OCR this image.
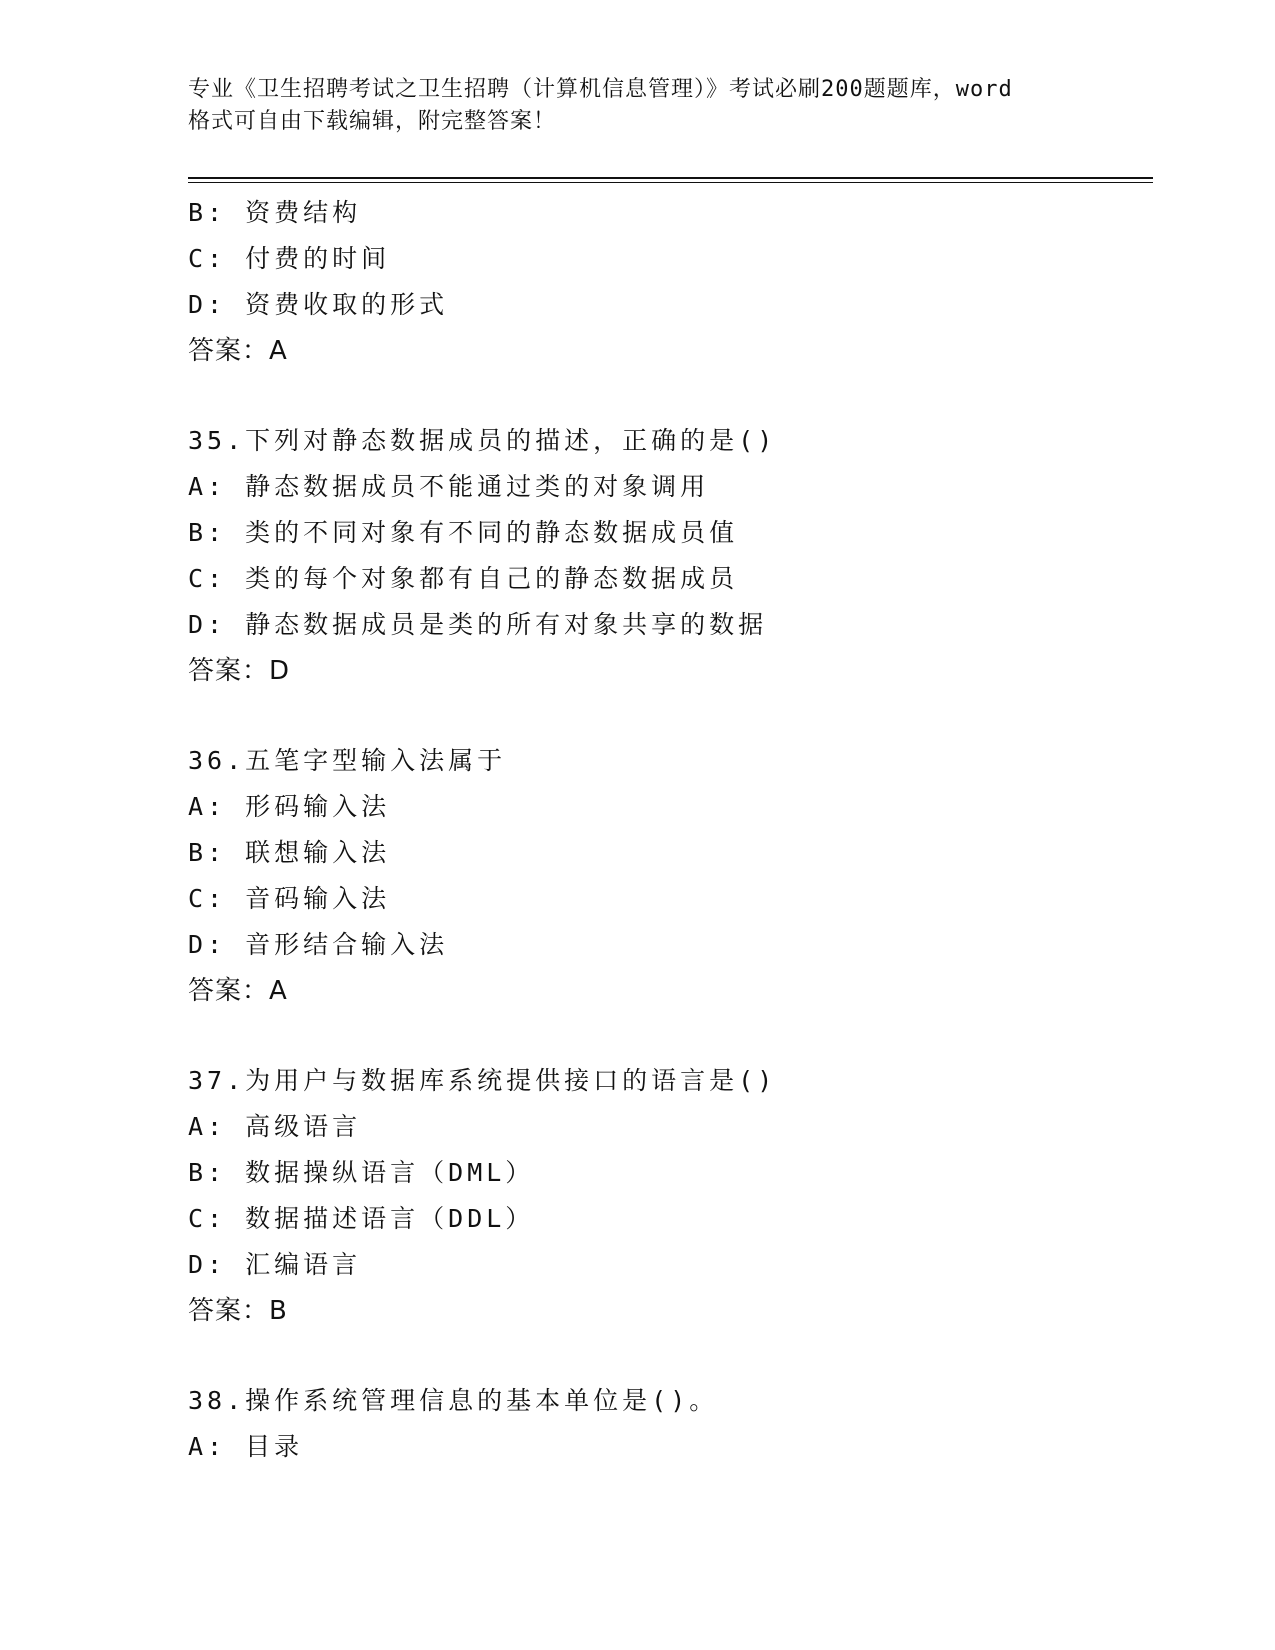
专业《卫生招聘考试之卫生招聘（计算机信息管理）》考试必刷200题题库，word
格式可自由下载编辑，附完整答案！
B: 资费结构
C: 付费的时间
D: 资费收取的形式
答案：A
35.下列对静态数据成员的描述，正确的是()
A: 静态数据成员不能通过类的对象调用
B: 类的不同对象有不同的静态数据成员值
C: 类的每个对象都有自己的静态数据成员
D: 静态数据成员是类的所有对象共享的数据
答案：D
36.五笔字型输入法属于
A: 形码输入法
B: 联想输入法
C: 音码输入法
D: 音形结合输入法
答案：A
37.为用户与数据库系统提供接口的语言是()
A: 高级语言
B: 数据操纵语言（DML）
C: 数据描述语言（DDL）
D: 汇编语言
答案：B
38.操作系统管理信息的基本单位是()。
A: 目录
